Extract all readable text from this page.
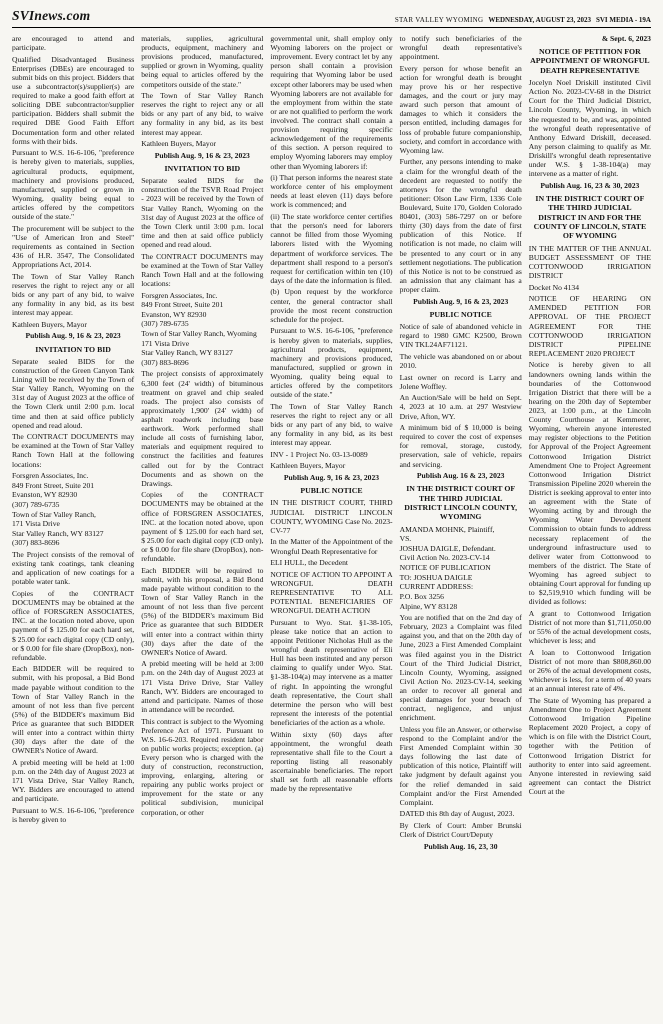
SVInews.com	STAR VALLEY WYOMING WEDNESDAY, AUGUST 23, 2023 SVI MEDIA - 19A

are encouraged to attend and participate.

Qualified Disadvantaged Business Enterprises (DBEs) are encouraged to submit bids on this project. Bidders that use a subcontractor(s)/supplier(s) are required to make a good faith effort at soliciting DBE subcontractor/supplier participation. Bidders shall submit the required DBE Good Faith Effort Documentation form and other related forms with their bids.

Pursuant to W.S. 16-6-106, "preference is hereby given to materials, supplies, agricultural products, equipment, machinery and provisions produced, manufactured, supplied or grown in Wyoming, quality being equal to articles offered by the competitors outside of the state."

The procurement will be subject to the "Use of American Iron and Steel" requirements as contained in Section 436 of H.R. 3547, The Consolidated Appropriations Act, 2014.

The Town of Star Valley Ranch reserves the right to reject any or all bids or any part of any bid, to waive any formality in any bid, as its best interest may appear.

Kathleen Buyers, Mayor

Publish Aug. 9, 16 & 23, 2023

INVITATION TO BID

Separate sealed BIDS for the construction of the Green Canyon Tank Lining will be received by the Town of Star Valley Ranch, Wyoming on the 31st day of August 2023 at the office of the Town Clerk until 2:00 p.m. local time and then at said office publicly opened and read aloud.

The CONTRACT DOCUMENTS may be examined at the Town of Star Valley Ranch Town Hall at the following locations:

Forsgren Associates, Inc.
849 Front Street, Suite 201
Evanston, WY 82930
(307) 789-6735
Town of Star Valley Ranch,
171 Vista Drive
Star Valley Ranch, WY 83127
(307) 883-8696

The Project consists of the removal of existing tank coatings, tank cleaning and application of new coatings for a potable water tank.

Copies of the CONTRACT DOCUMENTS may be obtained at the office of FORSGREN ASSOCIATES, INC. at the location noted above, upon payment of $ 125.00 for each hard set, $ 25.00 for each digital copy (CD only), or $ 0.00 for file share (DropBox), non-refundable.

Each BIDDER will be required to submit, with his proposal, a Bid Bond made payable without condition to the Town of Star Valley Ranch in the amount of not less than five percent (5%) of the BIDDER's maximum Bid Price as guarantee that such BIDDER will enter into a contract within thirty (30) days after the date of the OWNER's Notice of Award.

A prebid meeting will be held at 1:00 p.m. on the 24th day of August 2023 at 171 Vista Drive, Star Valley Ranch, WY. Bidders are encouraged to attend and participate.

Pursuant to W.S. 16-6-106, "preference is hereby given to

materials, supplies, agricultural products, equipment, machinery and provisions produced, manufactured, supplied or grown in Wyoming, quality being equal to articles offered by the competitors outside of the state."

The Town of Star Valley Ranch reserves the right to reject any or all bids or any part of any bid, to waive any formality in any bid, as its best interest may appear.

Kathleen Buyers, Mayor

Publish Aug. 9, 16 & 23, 2023

INVITATION TO BID

Separate sealed BIDS for the construction of the TSVR Road Project - 2023 will be received by the Town of Star Valley Ranch, Wyoming on the 31st day of August 2023 at the office of the Town Clerk until 3:00 p.m. local time and then at said office publicly opened and read aloud.

The CONTRACT DOCUMENTS may be examined at the Town of Star Valley Ranch Town Hall and at the following locations:

Forsgren Associates, Inc.
849 Front Street, Suite 201
Evanston, WY 82930
(307) 789-6735
Town of Star Valley Ranch, Wyoming
171 Vista Drive
Star Valley Ranch, WY 83127
(307) 883-8696

The project consists of approximately 6,300 feet (24' width) of bituminous treatment on gravel and chip sealed roads. The project also consists of approximately 1,900' (24' width) of asphalt roadwork including base earthwork. Work performed shall include all costs of furnishing labor, materials and equipment required to construct the facilities and features called out for by the Contract Documents and as shown on the Drawings.

Copies of the CONTRACT DOCUMENTS may be obtained at the office of FORSGREN ASSOCIATES, INC. at the location noted above, upon payment of $ 125.00 for each hard set, $ 25.00 for each digital copy (CD only), or $ 0.00 for file share (DropBox), non-refundable.

Each BIDDER will be required to submit, with his proposal, a Bid Bond made payable without condition to the Town of Star Valley Ranch in the amount of not less than five percent (5%) of the BIDDER's maximum Bid Price as guarantee that such BIDDER will enter into a contract within thirty (30) days after the date of the OWNER's Notice of Award.

A prebid meeting will be held at 3:00 p.m. on the 24th day of August 2023 at 171 Vista Drive Drive, Star Valley Ranch, WY. Bidders are encouraged to attend and participate. Names of those in attendance will be recorded.

This contract is subject to the Wyoming Preference Act of 1971. Pursuant to W.S. 16-6-203. Required resident labor on public works projects; exception. (a) Every person who is charged with the duty of construction, reconstruction, improving, enlarging, altering or repairing any public works project or improvement for the state or any political subdivision, municipal corporation, or other

governmental unit, shall employ only Wyoming laborers on the project or improvement. Every contract let by any person shall contain a provision requiring that Wyoming labor be used except other laborers may be used when Wyoming laborers are not available for the employment from within the state or are not qualified to perform the work involved. The contract shall contain a provision requiring specific acknowledgement of the requirements of this section. A person required to employ Wyoming laborers may employ other than Wyoming laborers if:

(i) That person informs the nearest state workforce center of his employment needs at least eleven (11) days before work is commenced; and

(ii) The state workforce center certifies that the person's need for laborers cannot be filled from those Wyoming laborers listed with the Wyoming department of workforce services. The department shall respond to a person's request for certification within ten (10) days of the date the information is filed.

(b) Upon request by the workforce center, the general contractor shall provide the most recent construction schedule for the project.

Pursuant to W.S. 16-6-106, "preference is hereby given to materials, supplies, agricultural products, equipment, machinery and provisions produced, manufactured, supplied or grown in Wyoming, quality being equal to articles offered by the competitors outside of the state."

The Town of Star Valley Ranch reserves the right to reject any or all bids or any part of any bid, to waive any formality in any bid, as its best interest may appear.

INV - 1 Project No. 03-13-0089

Kathleen Buyers, Mayor

Publish Aug. 9, 16 & 23, 2023

PUBLIC NOTICE

IN THE DISTRICT COURT, THIRD JUDICIAL DISTRICT LINCOLN COUNTY, WYOMING Case No. 2023-CV-77

In the Matter of the Appointment of the Wrongful Death Representative for

ELI HULL, the Decedent

NOTICE OF ACTION TO APPOINT A WRONGFUL DEATH REPRESENTATIVE TO ALL POTENTIAL BENEFICIARIES OF WRONGFUL DEATH ACTION

Pursuant to Wyo. Stat. §1-38-105, please take notice that an action to appoint Petitioner Nicholas Hull as the wrongful death representative of Eli Hull has been instituted and any person claiming to qualify under Wyo. Stat. §1-38-104(a) may intervene as a matter of right. In appointing the wrongful death representative, the Court shall determine the person who will best represent the interests of the potential beneficiaries of the action as a whole.

Within sixty (60) days after appointment, the wrongful death representative shall file to the Court a reporting listing all reasonably ascertainable beneficiaries. The report shall set forth all reasonable efforts made by the representative

to notify such beneficiaries of the wrongful death representative's appointment.

Every person for whose benefit an action for wrongful death is brought may prove his or her respective damages, and the court or jury may award such person that amount of damages to which it considers the person entitled, including damages for loss of probable future companionship, society, and comfort in accordance with Wyoming law.

Further, any persons intending to make a claim for the wrongful death of the decedent are requested to notify the attorneys for the wrongful death petitioner: Olson Law Firm, 1336 Cole Boulevard, Suite 170, Golden Colorado 80401, (303) 586-7297 on or before thirty (30) days from the date of first publication of this Notice. If notification is not made, no claim will be presented to any court or in any settlement negotiations. The publication of this Notice is not to be construed as an admission that any claimant has a proper claim.

Publish Aug. 9, 16 & 23, 2023

PUBLIC NOTICE

Notice of sale of abandoned vehicle in regard to 1980 GMC K2500, Brown VIN TKL24AF71121.

The vehicle was abandoned on or about 2010.

Last owner on record is Larry and Jolene Woffley.

An Auction/Sale will be held on Sept. 4, 2023 at 10 a.m. at 297 Westview Drive, Afton, WY.

A minimum bid of $ 10,000 is being required to cover the cost of expenses for removal, storage, custody, preservation, sale of vehicle, repairs and servicing.

Publish Aug. 16 & 23, 2023

IN THE DISTRICT COURT OF THE THIRD JUDICIAL DISTRICT LINCOLN COUNTY, WYOMING

AMANDA MOHNK, Plaintiff,
VS.
JOSHUA DAIGLE, Defendant.
Civil Action No. 2023-CV-14
NOTICE OF PUBLICATION
TO: JOSHUA DAIGLE
CURRENT ADDRESS:
P.O. Box 3256
Alpine, WY 83128

You are notified that on the 2nd day of February, 2023 a Complaint was filed against you, and that on the 20th day of June, 2023 a First Amended Complaint was filed against you in the District Court of the Third Judicial District, Lincoln County, Wyoming, assigned Civil Action No. 2023-CV-14, seeking an order to recover all general and special damages for your breach of contract, negligence, and unjust enrichment.

Unless you file an Answer, or otherwise respond to the Complaint and/or the First Amended Complaint within 30 days following the last date of publication of this notice, Plaintiff will take judgment by default against you for the relief demanded in said Complaint and/or the First Amended Complaint.

DATED this 8th day of August, 2023.

By Clerk of Court: Amber Brunski Clerk of District Court/Deputy

Publish Aug. 16, 23, 30

& Sept. 6, 2023

NOTICE OF PETITION FOR APPOINTMENT OF WRONGFUL DEATH REPRESENTATIVE

Jocelyn Noel Driskill instituted Civil Action No. 2023-CV-68 in the District Court for the Third Judicial District, Lincoln County, Wyoming, in which she requested to be, and was, appointed the wrongful death representative of Anthony Edward Driskill, deceased. Any person claiming to qualify as Mr. Driskill's wrongful death representative under W.S. § 1-38-104(a) may intervene as a matter of right.

Publish Aug. 16, 23 & 30, 2023

IN THE DISTRICT COURT OF THE THIRD JUDICIAL DISTRICT IN AND FOR THE COUNTY OF LINCOLN, STATE OF WYOMING

IN THE MATTER OF THE ANNUAL BUDGET ASSESSMENT OF THE COTTONWOOD IRRIGATION DISTRICT

Docket No 4134

NOTICE OF HEARING ON AMENDED PETITION FOR APPROVAL OF THE PROJECT AGREEMENT FOR THE COTTONWOOD IRRIGATION DISTRICT PIPELINE REPLACEMENT 2020 PROJECT

Notice is hereby given to all landowners owning lands within the boundaries of the Cottonwood Irrigation District that there will be a hearing on the 20th day of September 2023, at 1:00 p.m., at the Lincoln County Courthouse at Kemmerer, Wyoming, wherein anyone interested may register objections to the Petition for Approval of the Project Agreement Cottonwood Irrigation District Amendment One to Project Agreement Cottonwood Irrigation District Transmission Pipeline 2020 wherein the District is seeking approval to enter into an agreement with the State of Wyoming acting by and through the Wyoming Water Development Commission to obtain funds to address necessary replacement of the underground infrastructure used to deliver water from Cottonwood to members of the district. The State of Wyoming has agreed subject to obtaining Court approval for funding up to $2,519,910 which funding will be divided as follows:

A grant to Cottonwood Irrigation District of not more than $1,711,050.00 or 55% of the actual development costs, whichever is less; and

A loan to Cottonwood Irrigation District of not more than $808,860.00 or 26% of the actual development costs, whichever is less, for a term of 40 years at an annual interest rate of 4%.

The State of Wyoming has prepared a Amendment One to Project Agreement Cottonwood Irrigation Pipeline Replacement 2020 Project, a copy of which is on file with the District Court, together with the Petition of Cottonwood Irrigation District for authority to enter into said agreement. Anyone interested in reviewing said agreement can contact the District Court at the
